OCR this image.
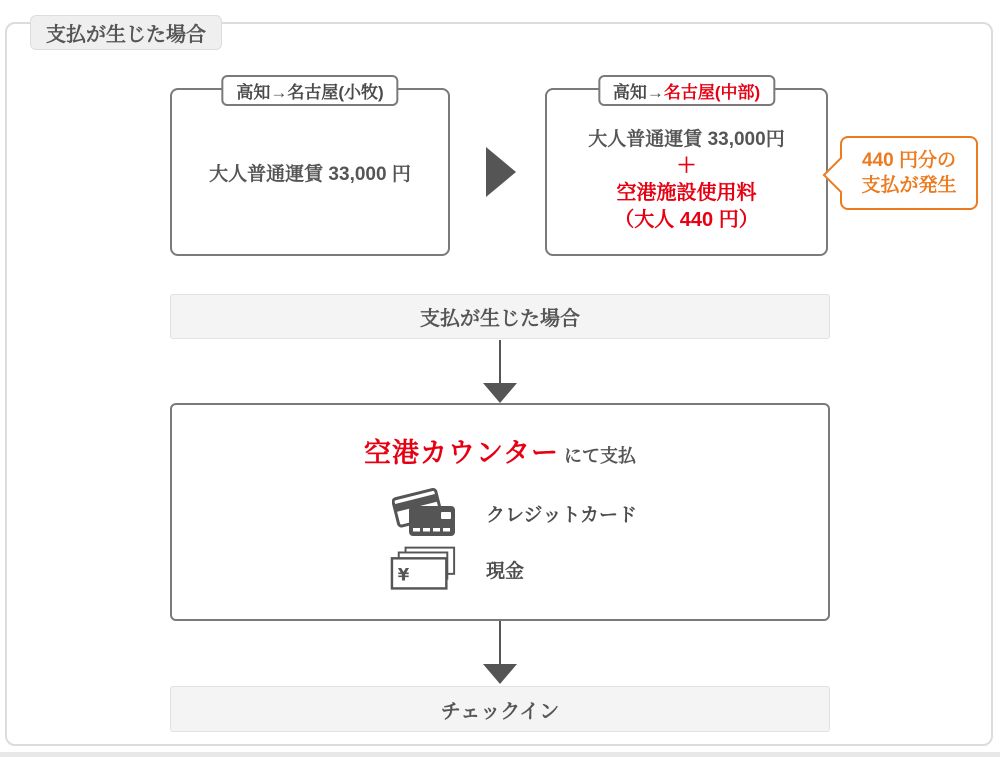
支払が生じた場合
高知→名古屋(小牧)
大人普通運賃 33,000 円
高知→名古屋(中部)
大人普通運賃 33,000円
＋
空港施設使用料
（大人 440 円）
440 円分の
支払が発生
支払が生じた場合
空港カウンター にて支払
クレジットカード
¥	現金
チェックイン
